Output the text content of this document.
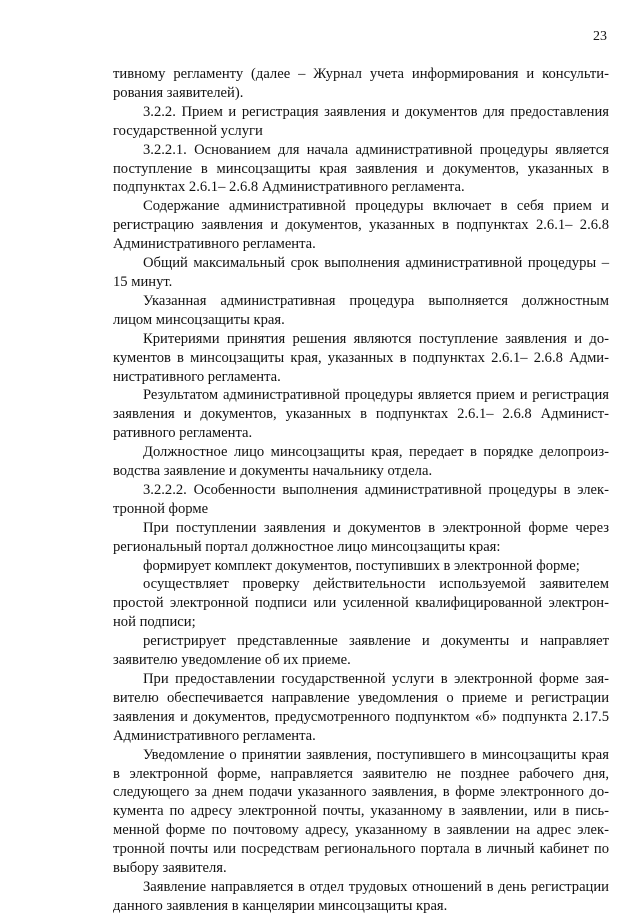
23

тивному регламенту (далее – Журнал учета информирования и консультирования заявителей).

3.2.2. Прием и регистрация заявления и документов для предоставления государственной услуги

3.2.2.1. Основанием для начала административной процедуры является поступление в минсоцзащиты края заявления и документов, указанных в подпунктах 2.6.1– 2.6.8 Административного регламента.

Содержание административной процедуры включает в себя прием и регистрацию заявления и документов, указанных в подпунктах 2.6.1– 2.6.8 Административного регламента.

Общий максимальный срок выполнения административной процедуры – 15 минут.

Указанная административная процедура выполняется должностным лицом минсоцзащиты края.

Критериями принятия решения являются поступление заявления и документов в минсоцзащиты края, указанных в подпунктах 2.6.1– 2.6.8 Административного регламента.

Результатом административной процедуры является прием и регистрация заявления и документов, указанных в подпунктах 2.6.1– 2.6.8 Административного регламента.

Должностное лицо минсоцзащиты края, передает в порядке делопроизводства заявление и документы начальнику отдела.

3.2.2.2. Особенности выполнения административной процедуры в электронной форме

При поступлении заявления и документов в электронной форме через региональный портал должностное лицо минсоцзащиты края:

формирует комплект документов, поступивших в электронной форме;

осуществляет проверку действительности используемой заявителем простой электронной подписи или усиленной квалифицированной электронной подписи;

регистрирует представленные заявление и документы и направляет заявителю уведомление об их приеме.

При предоставлении государственной услуги в электронной форме заявителю обеспечивается направление уведомления о приеме и регистрации заявления и документов, предусмотренного подпунктом «б» подпункта 2.17.5 Административного регламента.

Уведомление о принятии заявления, поступившего в минсоцзащиты края в электронной форме, направляется заявителю не позднее рабочего дня, следующего за днем подачи указанного заявления, в форме электронного документа по адресу электронной почты, указанному в заявлении, или в письменной форме по почтовому адресу, указанному в заявлении на адрес электронной почты или посредствам регионального портала в личный кабинет по выбору заявителя.

Заявление направляется в отдел трудовых отношений в день регистрации данного заявления в канцелярии минсоцзащиты края.
